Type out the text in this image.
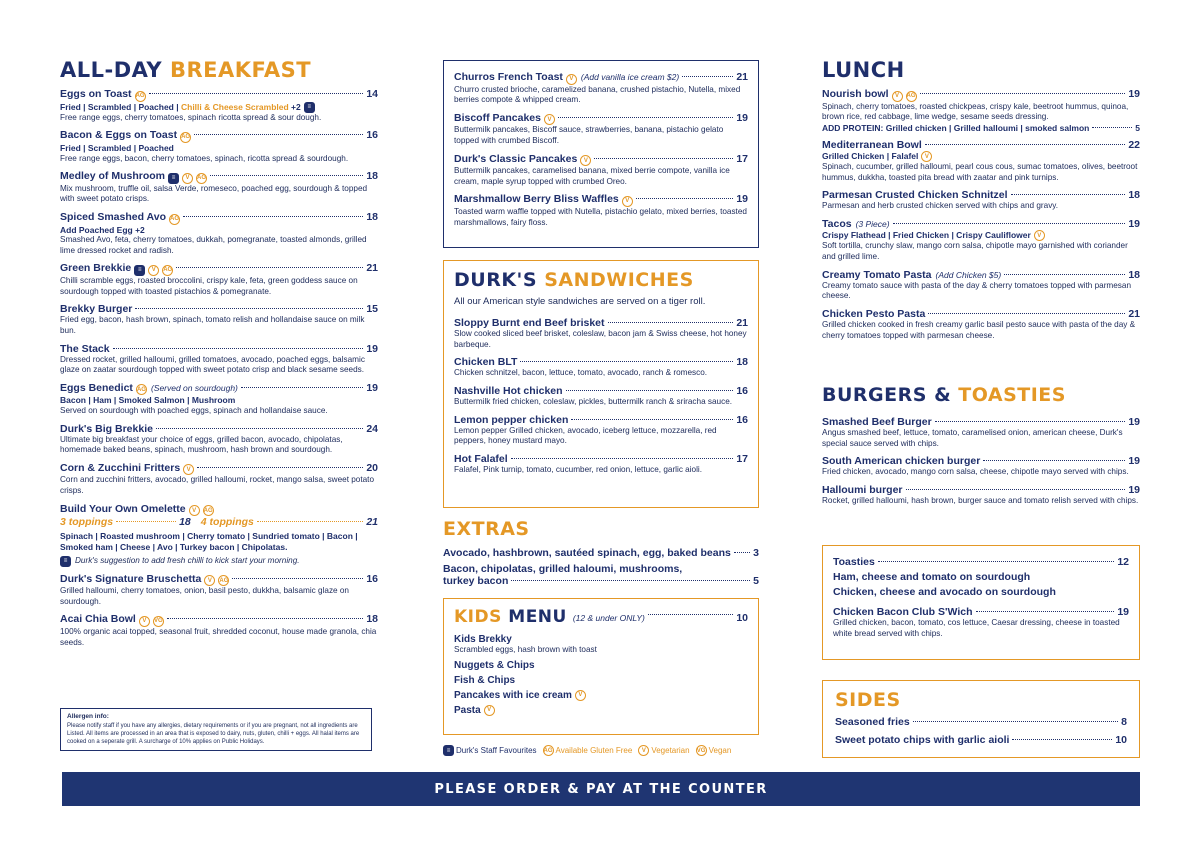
ALL-DAY BREAKFAST
Eggs on Toast AG	14
Fried | Scrambled | Poached | Chilli & Cheese Scrambled +2 ≡
Free range eggs, cherry tomatoes, spinach ricotta spread & sour dough.
Bacon & Eggs on Toast AG	16
Fried | Scrambled | Poached
Free range eggs, bacon, cherry tomatoes, spinach, ricotta spread & sourdough.
Medley of Mushroom	≡	V	AG	18
Mix mushroom, truffle oil, salsa Verde, romeseco, poached egg, sourdough & topped with sweet potato crisps.
Spiced Smashed Avo AG	18
Add Poached Egg +2
Smashed Avo, feta, cherry tomatoes, dukkah, pomegranate, toasted almonds, grilled lime dressed rocket and radish.
Green Brekkie	≡	V	AG	21
Chilli scramble eggs, roasted broccolini, crispy kale, feta, green goddess sauce on sourdough topped with toasted pistachios & pomegranate.
Brekky Burger	15
Fried egg, bacon, hash brown, spinach, tomato relish and hollandaise sauce on milk bun.
The Stack	19
Dressed rocket, grilled halloumi, grilled tomatoes, avocado, poached eggs, balsamic glaze on zaatar sourdough topped with sweet potato crisp and black sesame seeds.
Eggs Benedict AG (Served on sourdough)	19
Bacon | Ham | Smoked Salmon | Mushroom
Served on sourdough with poached eggs, spinach and hollandaise sauce.
Durk's Big Brekkie	24
Ultimate big breakfast your choice of eggs, grilled bacon, avocado, chipolatas, homemade baked beans, spinach, mushroom, hash brown and sourdough.
Corn & Zucchini Fritters	V	20
Corn and zucchini fritters, avocado, grilled halloumi, rocket, mango salsa, sweet potato crisps.
Build Your Own Omelette	V	AG
3 toppings	18 4 toppings	21
Spinach | Roasted mushroom | Cherry tomato | Sundried tomato | Bacon | Smoked ham | Cheese | Avo | Turkey bacon | Chipolatas.
≡ Durk's suggestion to add fresh chilli to kick start your morning.
Durk's Signature Bruschetta	V	AG	16
Grilled halloumi, cherry tomatoes, onion, basil pesto, dukkha, balsamic glaze on sourdough.
Acai Chia Bowl	V	VG	18
100% organic acai topped, seasonal fruit, shredded coconut, house made granola, chia seeds.
Allergen info:
Please notify staff if you have any allergies, dietary requirements or if you are pregnant, not all ingredients are Listed. All items are processed in an area that is exposed to dairy, nuts, gluten, chilli + eggs. All halal items are cooked on a seperate grill. A surcharge of 10% applies on Public Holidays.
Churros French Toast	V (Add vanilla ice cream $2)	21
Churro crusted brioche, caramelized banana, crushed pistachio, Nutella, mixed berries compote & whipped cream.
Biscoff Pancakes	V	19
Buttermilk pancakes, Biscoff sauce, strawberries, banana, pistachio gelato topped with crumbed Biscoff.
Durk's Classic Pancakes	V	17
Buttermilk pancakes, caramelised banana, mixed berrie compote, vanilla ice cream, maple syrup topped with crumbed Oreo.
Marshmallow Berry Bliss Waffles	V	19
Toasted warm waffle topped with Nutella, pistachio gelato, mixed berries, toasted marshmallows, fairy floss.
DURK'S SANDWICHES
All our American style sandwiches are served on a tiger roll.
Sloppy Burnt end Beef brisket	21
Slow cooked sliced beef brisket, coleslaw, bacon jam & Swiss cheese, hot honey barbeque.
Chicken BLT	18
Chicken schnitzel, bacon, lettuce, tomato, avocado, ranch & romesco.
Nashville Hot chicken	16
Buttermilk fried chicken, coleslaw, pickles, buttermilk ranch & sriracha sauce.
Lemon pepper chicken	16
Lemon pepper Grilled chicken, avocado, iceberg lettuce, mozzarella, red peppers, honey mustard mayo.
Hot Falafel	17
Falafel, Pink turnip, tomato, cucumber, red onion, lettuce, garlic aioli.
EXTRAS
Avocado, hashbrown, sautéed spinach, egg, baked beans 3
Bacon, chipolatas, grilled haloumi, mushrooms,
turkey bacon	5
KIDS MENU (12 & under ONLY)	10
Kids Brekky
Scrambled eggs, hash brown with toast
Nuggets & Chips
Fish & Chips
Pancakes with ice cream	V
Pasta	V
≡ Durk's Staff Favourites AG Available Gluten Free	V Vegetarian VG Vegan
LUNCH
Nourish bowl	V	AG	19
Spinach, cherry tomatoes, roasted chickpeas, crispy kale, beetroot hummus, quinoa, brown rice, red cabbage, lime wedge, sesame seeds dressing.
ADD PROTEIN: Grilled chicken | Grilled halloumi | smoked salmon	5
Mediterranean Bowl	22
Grilled Chicken | Falafel V
Spinach, cucumber, grilled halloumi, pearl cous cous, sumac tomatoes, olives, beetroot hummus, dukkha, toasted pita bread with zaatar and pink turnips.
Parmesan Crusted Chicken Schnitzel	18
Parmesan and herb crusted chicken served with chips and gravy.
Tacos (3 Piece)	19
Crispy Flathead | Fried Chicken | Crispy Cauliflower V
Soft tortilla, crunchy slaw, mango corn salsa, chipotle mayo garnished with coriander and grilled lime.
Creamy Tomato Pasta (Add Chicken $5)	18
Creamy tomato sauce with pasta of the day & cherry tomatoes topped with parmesan cheese.
Chicken Pesto Pasta	21
Grilled chicken cooked in fresh creamy garlic basil pesto sauce with pasta of the day & cherry tomatoes topped with parmesan cheese.
BURGERS & TOASTIES
Smashed Beef Burger	19
Angus smashed beef, lettuce, tomato, caramelised onion, american cheese, Durk's special sauce served with chips.
South American chicken burger	19
Fried chicken, avocado, mango corn salsa, cheese, chipotle mayo served with chips.
Halloumi burger	19
Rocket, grilled halloumi, hash brown, burger sauce and tomato relish served with chips.
Toasties	12
Ham, cheese and tomato on sourdough
Chicken, cheese and avocado on sourdough
Chicken Bacon Club S'Wich	19
Grilled chicken, bacon, tomato, cos lettuce, Caesar dressing, cheese in toasted white bread served with chips.
SIDES
Seasoned fries	8
Sweet potato chips with garlic aioli	10
PLEASE ORDER & PAY AT THE COUNTER
